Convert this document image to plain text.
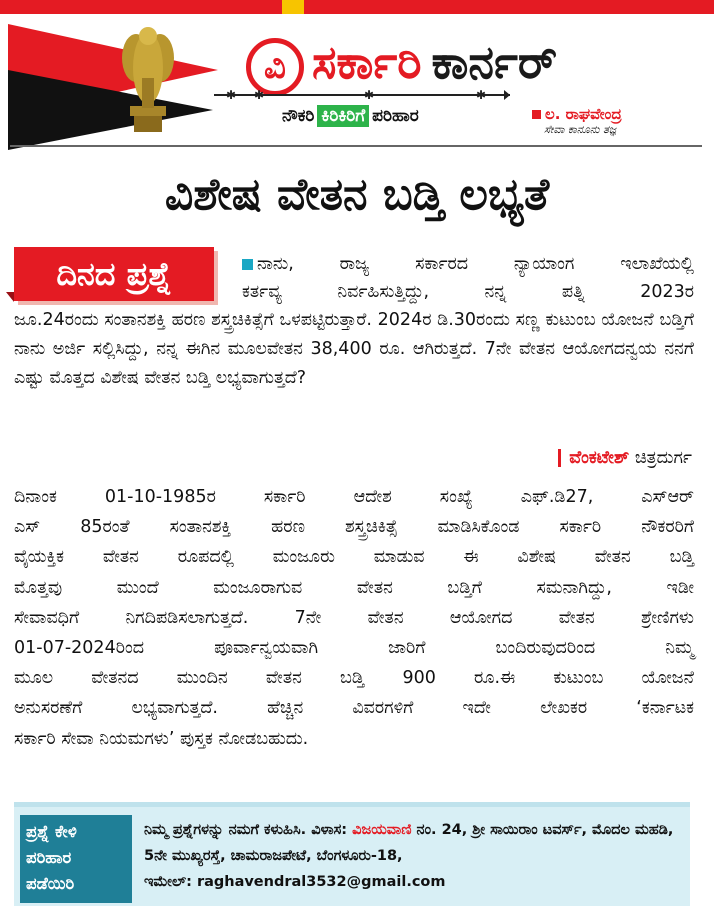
ವಿ ಸರ್ಕಾರಿ ಕಾರ್ನರ್
✱ ✱	✱	✱
ನೌಕರಿ ಕಿರಿಕಿರಿಗೆ ಪರಿಹಾರ	ಲ. ರಾಘವೇಂದ್ರ
ಸೇವಾ ಕಾನೂನು ತಜ್ಞ
ವಿಶೇಷ ವೇತನ ಬಡ್ತಿ ಲಭ್ಯತೆ
ದಿನದ ಪ್ರಶ್ನೆ	ನಾನು, ರಾಜ್ಯ ಸರ್ಕಾರದ ನ್ಯಾಯಾಂಗ ಇಲಾಖೆಯಲ್ಲಿ
ಕರ್ತವ್ಯ ನಿರ್ವಹಿಸುತ್ತಿದ್ದು, ನನ್ನ ಪತ್ನಿ 2023ರ
ಜೂ.24ರಂದು ಸಂತಾನಶಕ್ತಿ ಹರಣ ಶಸ್ತ್ರಚಿಕಿತ್ಸೆಗೆ ಒಳಪಟ್ಟಿರುತ್ತಾರೆ. 2024ರ ಡಿ.30ರಂದು ಸಣ್ಣ ಕುಟುಂಬ ಯೋಜನೆ ಬಡ್ತಿಗೆ ನಾನು ಅರ್ಜಿ ಸಲ್ಲಿಸಿದ್ದು, ನನ್ನ ಈಗಿನ ಮೂಲವೇತನ 38,400 ರೂ. ಆಗಿರುತ್ತದೆ. 7ನೇ ವೇತನ ಆಯೋಗದನ್ವಯ ನನಗೆ ಎಷ್ಟು ಮೊತ್ತದ ವಿಶೇಷ ವೇತನ ಬಡ್ತಿ ಲಭ್ಯವಾಗುತ್ತದೆ?
ವೆಂಕಟೇಶ್ ಚಿತ್ರದುರ್ಗ
ದಿನಾಂಕ 01-10-1985ರ ಸರ್ಕಾರಿ ಆದೇಶ ಸಂಖ್ಯೆ ಎಫ್.ಡಿ27, ಎಸ್‌ಆರ್
ಎಸ್ 85ರಂತೆ ಸಂತಾನಶಕ್ತಿ ಹರಣ ಶಸ್ತ್ರಚಿಕಿತ್ಸೆ ಮಾಡಿಸಿಕೊಂಡ ಸರ್ಕಾರಿ ನೌಕರರಿಗೆ
ವೈಯಕ್ತಿಕ ವೇತನ ರೂಪದಲ್ಲಿ ಮಂಜೂರು ಮಾಡುವ ಈ ವಿಶೇಷ ವೇತನ ಬಡ್ತಿ
ಮೊತ್ತವು ಮುಂದೆ ಮಂಜೂರಾಗುವ ವೇತನ ಬಡ್ತಿಗೆ ಸಮನಾಗಿದ್ದು, ಇಡೀ
ಸೇವಾವಧಿಗೆ ನಿಗದಿಪಡಿಸಲಾಗುತ್ತದೆ. 7ನೇ ವೇತನ ಆಯೋಗದ ವೇತನ ಶ್ರೇಣಿಗಳು
01-07-2024ರಿಂದ ಪೂರ್ವಾನ್ವಯವಾಗಿ ಜಾರಿಗೆ ಬಂದಿರುವುದರಿಂದ ನಿಮ್ಮ
ಮೂಲ ವೇತನದ ಮುಂದಿನ ವೇತನ ಬಡ್ತಿ 900 ರೂ.ಈ ಕುಟುಂಬ ಯೋಜನೆ
ಅನುಸರಣೆಗೆ ಲಭ್ಯವಾಗುತ್ತದೆ. ಹೆಚ್ಚಿನ ವಿವರಗಳಿಗೆ ಇದೇ ಲೇಖಕರ ‘ಕರ್ನಾಟಕ
ಸರ್ಕಾರಿ ಸೇವಾ ನಿಯಮಗಳು’ ಪುಸ್ತಕ ನೋಡಬಹುದು.
ಪ್ರಶ್ನೆ ಕೇಳಿ
ಪರಿಹಾರ
ಪಡೆಯಿರಿ
ನಿಮ್ಮ ಪ್ರಶ್ನೆಗಳನ್ನು ನಮಗೆ ಕಳುಹಿಸಿ. ವಿಳಾಸ: ವಿಜಯವಾಣಿ ನಂ. 24, ಶ್ರೀ ಸಾಯಿರಾಂ ಟವರ್ಸ್, ಮೊದಲ ಮಹಡಿ, 5ನೇ ಮುಖ್ಯರಸ್ತೆ, ಚಾಮರಾಜಪೇಟೆ, ಬೆಂಗಳೂರು-18,
ಇಮೇಲ್: raghavendral3532@gmail.com
